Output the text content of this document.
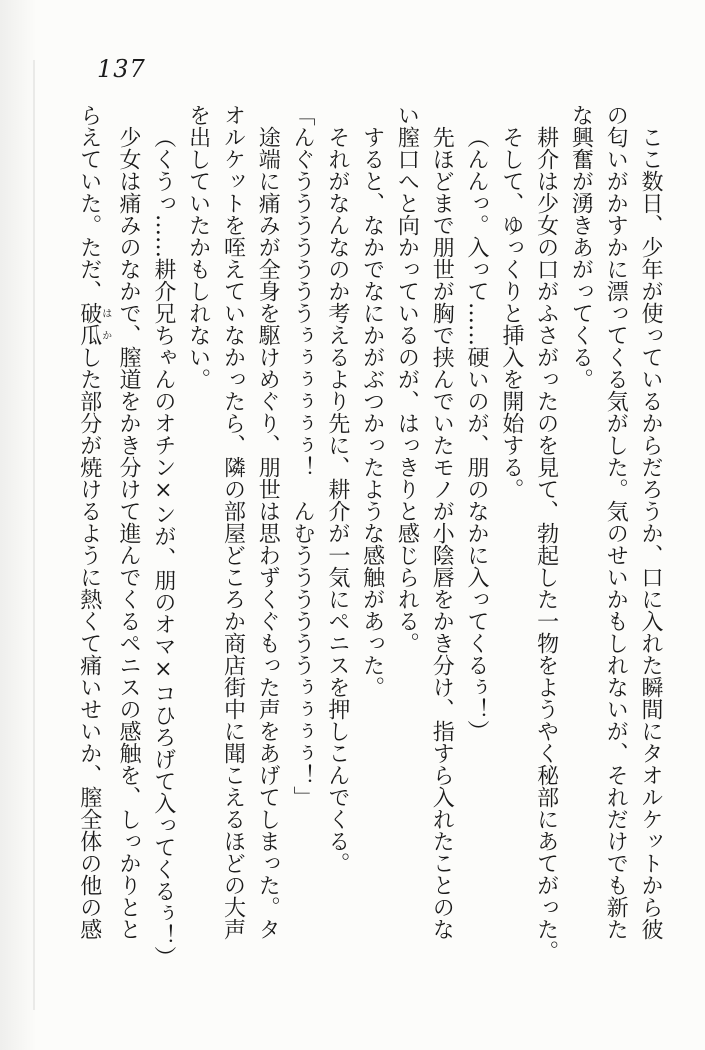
137
ここ数日、少年が使っているからだろうか、口に入れた瞬間にタオルケットから彼
の匂いがかすかに漂ってくる気がした。気のせいかもしれないが、それだけでも新た
な興奮が湧きあがってくる。
耕介は少女の口がふさがったのを見て、勃起した一物をようやく秘部にあてがった。
そして、ゆっくりと挿入を開始する。
（んんっ。入って……硬いのが、朋のなかに入ってくるぅ！）
先ほどまで朋世が胸で挟んでいたモノが小陰唇をかき分け、指すら入れたことのな
い膣口へと向かっているのが、はっきりと感じられる。
すると、なかでなにかがぶつかったような感触があった。
それがなんなのか考えるより先に、耕介が一気にペニスを押しこんでくる。
「んぐうううううううぅぅぅぅぅぅ！　んむううううううぅぅぅぅ！」
途端に痛みが全身を駆けめぐり、朋世は思わずくぐもった声をあげてしまった。タ
オルケットを咥えていなかったら、隣の部屋どころか商店街中に聞こえるほどの大声
を出していたかもしれない。
（くうっ……耕介兄ちゃんのオチン×ンが、朋のオマ×コひろげて入ってくるぅ！）
少女は痛みのなかで、膣道をかき分けて進んでくるペニスの感触を、しっかりとと
らえていた。ただ、破瓜はかした部分が焼けるように熱くて痛いせいか、膣全体の他の感
